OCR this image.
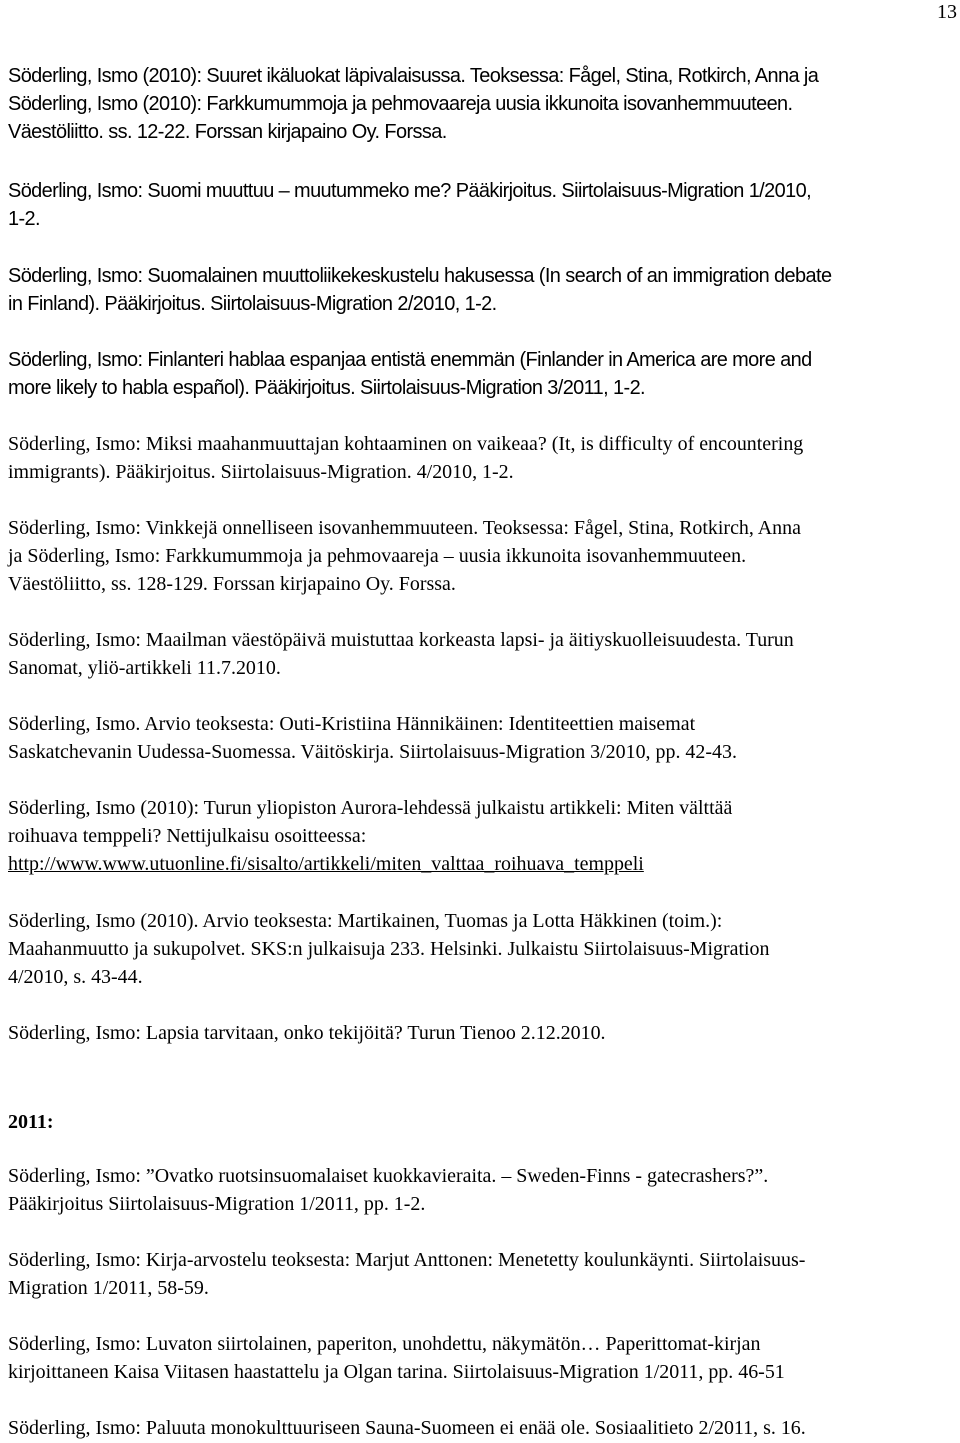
13
Söderling, Ismo (2010): Suuret ikäluokat läpivalaisussa. Teoksessa: Fågel, Stina, Rotkirch, Anna ja
Söderling, Ismo (2010): Farkkumummoja ja pehmovaareja uusia ikkunoita isovanhemmuuteen.
Väestöliitto. ss. 12-22. Forssan kirjapaino Oy. Forssa.
Söderling, Ismo: Suomi muuttuu – muutummeko me? Pääkirjoitus. Siirtolaisuus-Migration 1/2010,
1-2.
Söderling, Ismo: Suomalainen muuttoliikekeskustelu hakusessa (In search of an immigration debate
in Finland). Pääkirjoitus. Siirtolaisuus-Migration 2/2010, 1-2.
Söderling, Ismo: Finlanteri hablaa espanjaa entistä enemmän (Finlander in America are more and
more likely to habla español). Pääkirjoitus. Siirtolaisuus-Migration 3/2011, 1-2.
Söderling, Ismo: Miksi maahanmuuttajan kohtaaminen on vaikeaa? (It, is difficulty of encountering
immigrants). Pääkirjoitus. Siirtolaisuus-Migration. 4/2010, 1-2.
Söderling, Ismo: Vinkkejä onnelliseen isovanhemmuuteen. Teoksessa: Fågel, Stina, Rotkirch, Anna
ja Söderling, Ismo: Farkkumummoja ja pehmovaareja – uusia ikkunoita isovanhemmuuteen.
Väestöliitto, ss. 128-129. Forssan kirjapaino Oy. Forssa.
Söderling, Ismo: Maailman väestöpäivä muistuttaa korkeasta lapsi- ja äitiyskuolleisuudesta. Turun
Sanomat, yliö-artikkeli 11.7.2010.
Söderling, Ismo. Arvio teoksesta: Outi-Kristiina Hännikäinen: Identiteettien maisemat
Saskatchevanin Uudessa-Suomessa. Väitöskirja. Siirtolaisuus-Migration 3/2010, pp. 42-43.
Söderling, Ismo (2010): Turun yliopiston Aurora-lehdessä julkaistu artikkeli: Miten välttää
roihuava temppeli? Nettijulkaisu osoitteessa:
http://www.www.utuonline.fi/sisalto/artikkeli/miten_valttaa_roihuava_temppeli
Söderling, Ismo (2010). Arvio teoksesta: Martikainen, Tuomas ja Lotta Häkkinen (toim.):
Maahanmuutto ja sukupolvet. SKS:n julkaisuja 233. Helsinki. Julkaistu Siirtolaisuus-Migration
4/2010, s. 43-44.
Söderling, Ismo: Lapsia tarvitaan, onko tekijöitä? Turun Tienoo 2.12.2010.
2011:
Söderling, Ismo: ”Ovatko ruotsinsuomalaiset kuokkavieraita. – Sweden-Finns - gatecrashers?”.
Pääkirjoitus Siirtolaisuus-Migration 1/2011, pp. 1-2.
Söderling, Ismo: Kirja-arvostelu teoksesta: Marjut Anttonen: Menetetty koulunkäynti. Siirtolaisuus-
Migration 1/2011, 58-59.
Söderling, Ismo: Luvaton siirtolainen, paperiton, unohdettu, näkymätön… Paperittomat-kirjan
kirjoittaneen Kaisa Viitasen haastattelu ja Olgan tarina. Siirtolaisuus-Migration 1/2011, pp. 46-51
Söderling, Ismo: Paluuta monokulttuuriseen Sauna-Suomeen ei enää ole. Sosiaalitieto 2/2011, s. 16.
